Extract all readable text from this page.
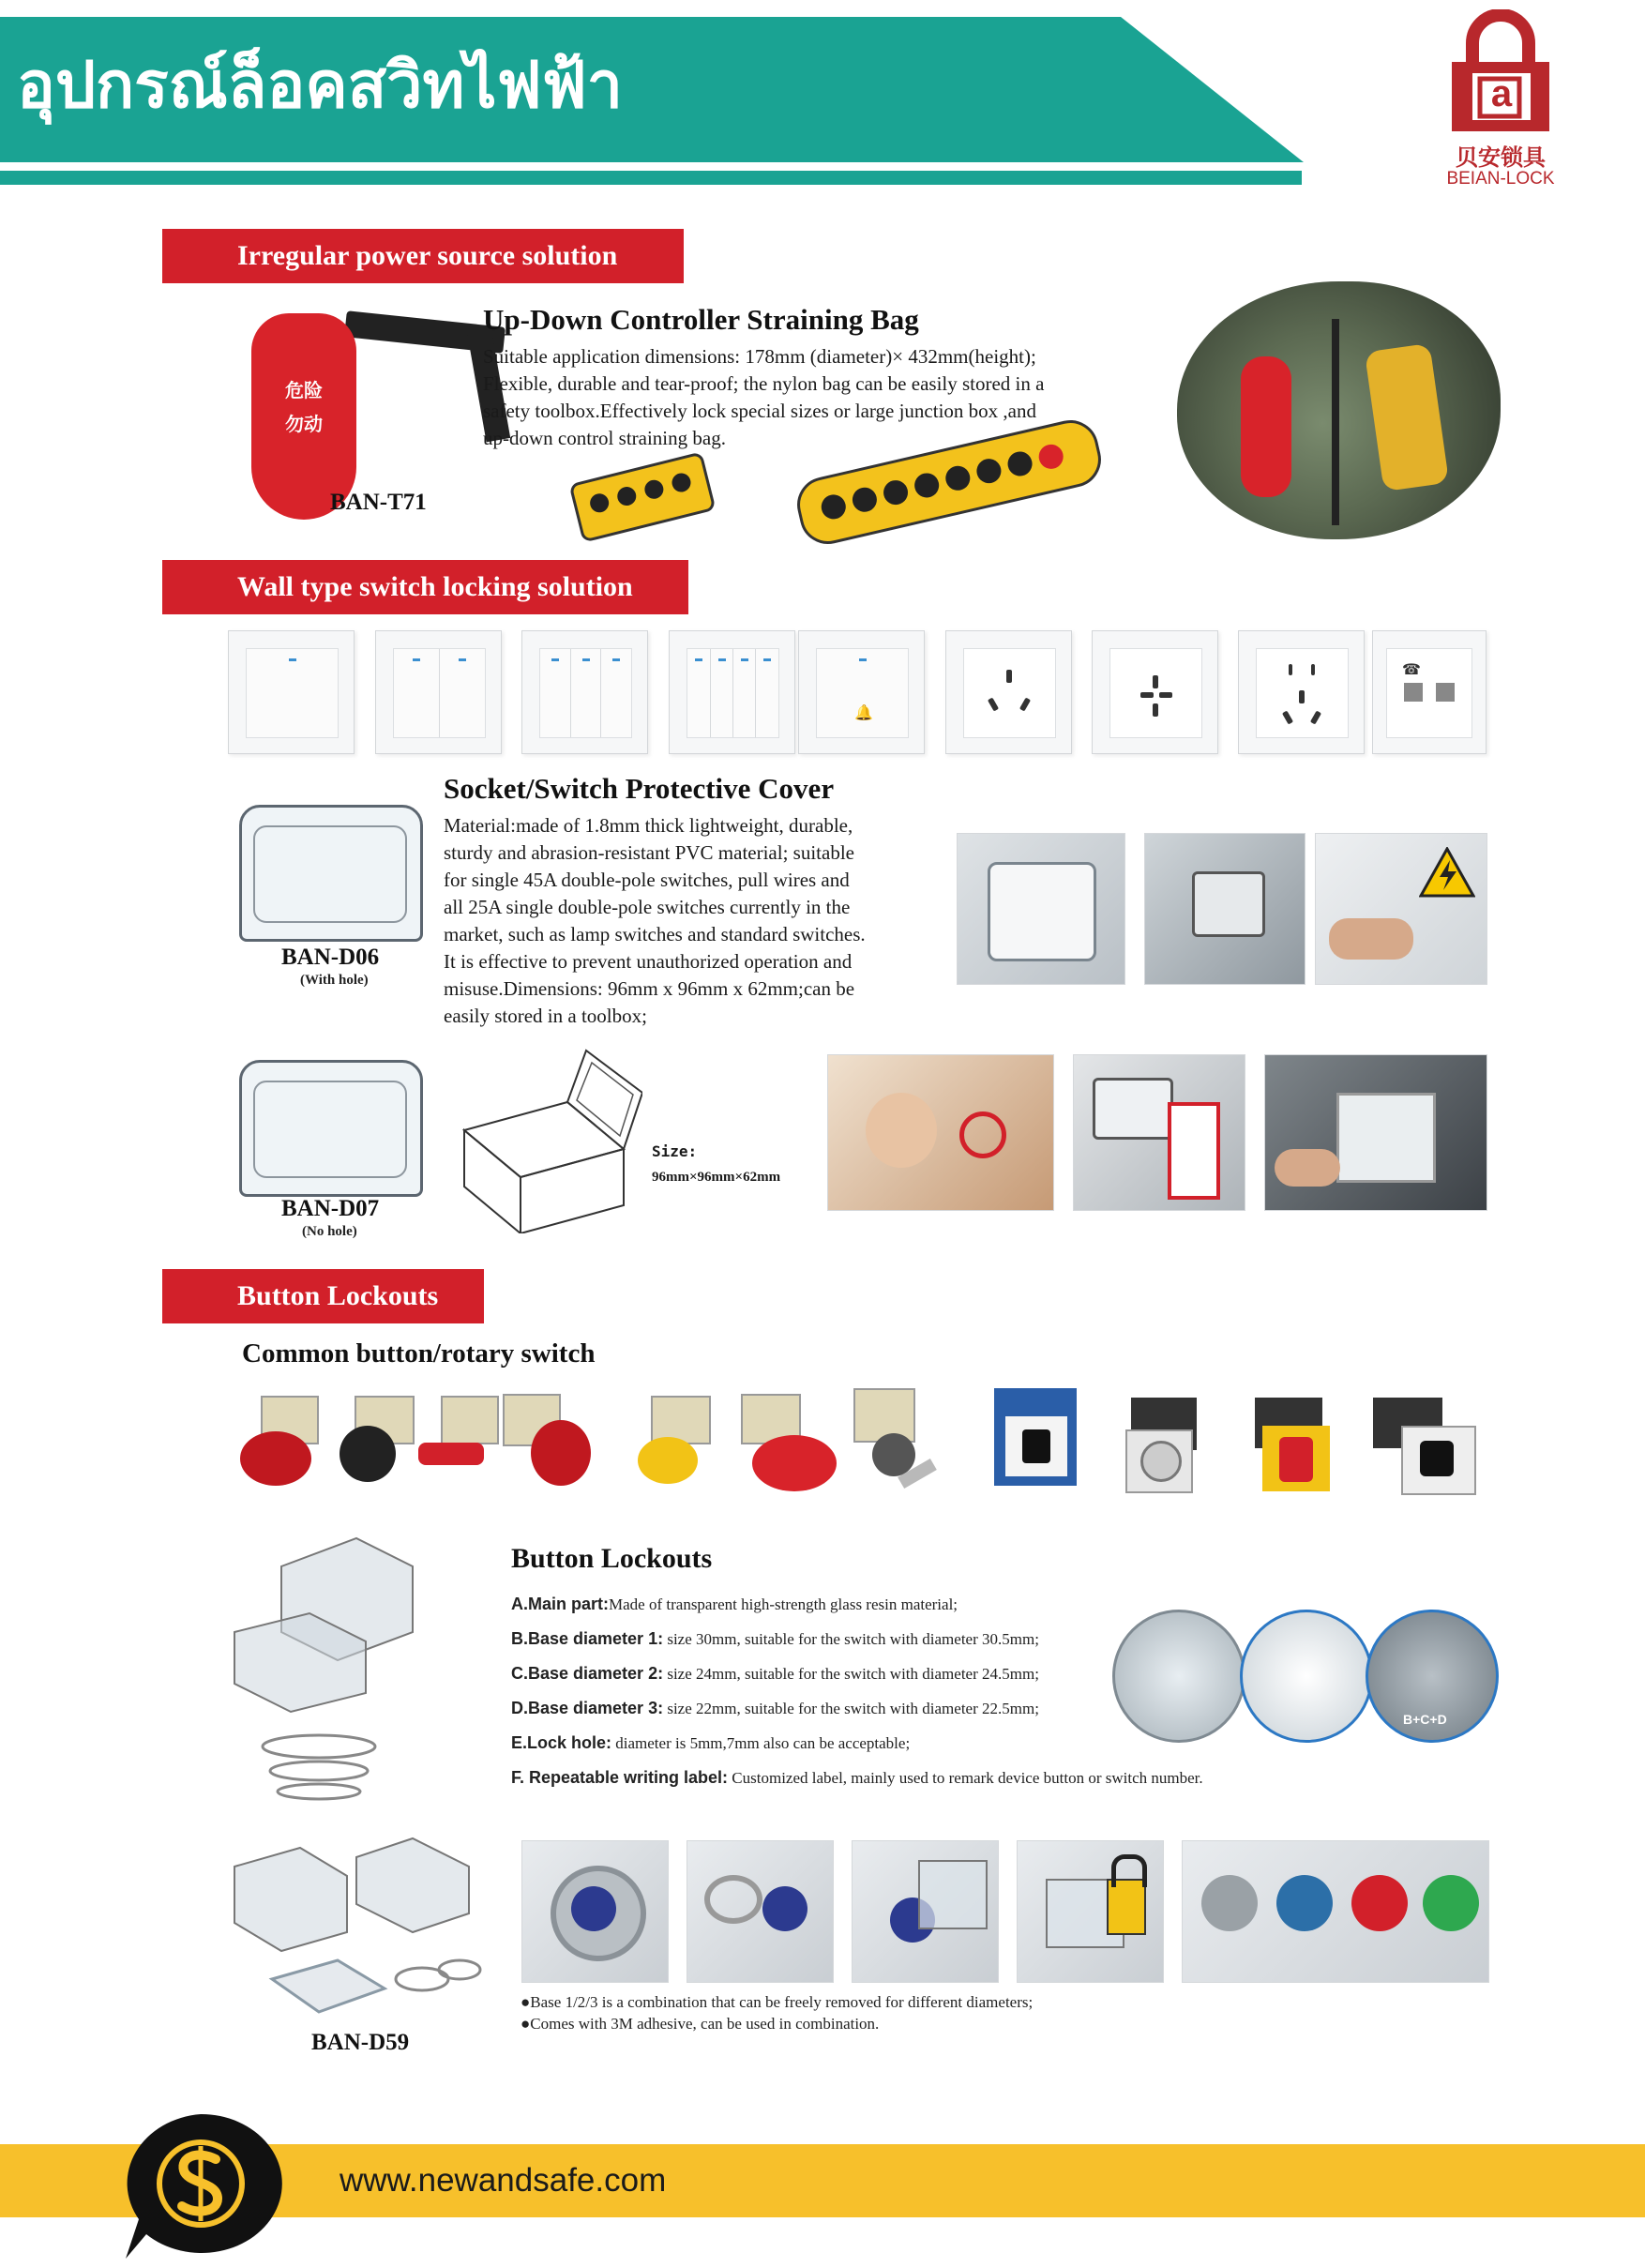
อุปกรณ์ล็อคสวิทไฟฟ้า	a
贝安锁具
BEIAN-LOCK
Irregular power source solution
危险
勿动
BAN-T71
Up-Down Controller Straining Bag
Suitable application dimensions: 178mm (diameter)× 432mm(height);
Flexible, durable and tear-proof; the nylon bag can be easily stored in a
safety toolbox.Effectively lock special sizes or large junction box ,and
up-down control straining bag.
Wall type switch locking solution
🔔
☎
BAN-D06
(With hole)
Socket/Switch Protective Cover
Material:made of 1.8mm thick lightweight, durable,
sturdy and abrasion-resistant PVC material; suitable
for single 45A double-pole switches, pull wires and
all 25A single double-pole switches currently in the
market, such as lamp switches and standard switches.
It is effective to prevent unauthorized operation and
misuse.Dimensions: 96mm x 96mm x 62mm;can be
easily stored in a toolbox;
BAN-D07
(No hole)
Size:
96mm×96mm×62mm
Button Lockouts
Common button/rotary switch
Button Lockouts
A.Main part:Made of transparent high-strength glass resin material;
B.Base diameter 1: size 30mm, suitable for the switch with diameter 30.5mm;
C.Base diameter 2: size 24mm, suitable for the switch with diameter 24.5mm;
D.Base diameter 3: size 22mm, suitable for the switch with diameter 22.5mm;
E.Lock hole: diameter is 5mm,7mm also can be acceptable;
F. Repeatable writing label: Customized label, mainly used to remark device button or switch number.
B+C+D
BAN-D59
●Base 1/2/3 is a combination that can be freely removed for different diameters;
●Comes with 3M adhesive, can be used in combination.
www.newandsafe.com
